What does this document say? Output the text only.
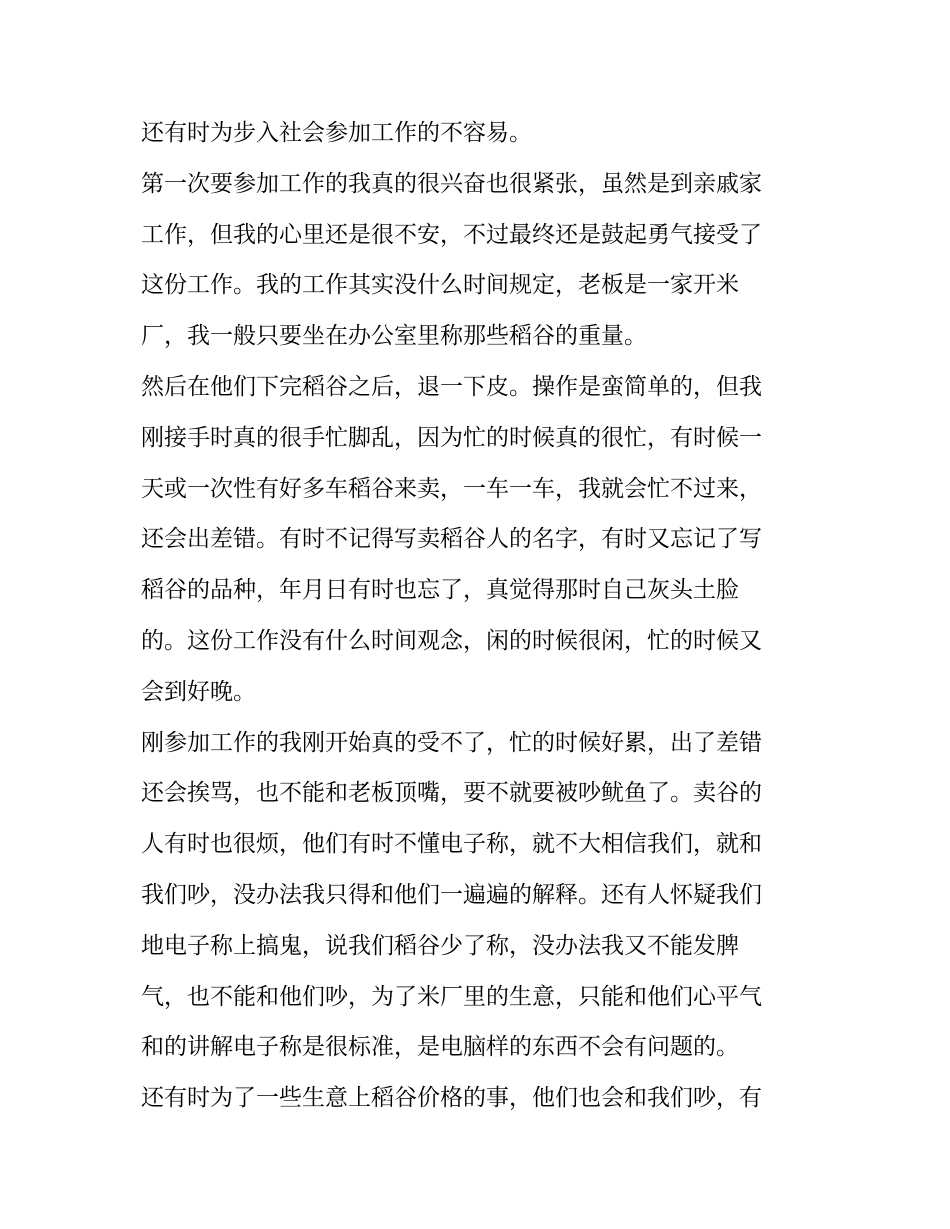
还有时为步入社会参加工作的不容易。
第一次要参加工作的我真的很兴奋也很紧张，虽然是到亲戚家
工作，但我的心里还是很不安，不过最终还是鼓起勇气接受了
这份工作。我的工作其实没什么时间规定，老板是一家开米
厂，我一般只要坐在办公室里称那些稻谷的重量。
然后在他们下完稻谷之后，退一下皮。操作是蛮简单的，但我
刚接手时真的很手忙脚乱，因为忙的时候真的很忙，有时候一
天或一次性有好多车稻谷来卖，一车一车，我就会忙不过来，
还会出差错。有时不记得写卖稻谷人的名字，有时又忘记了写
稻谷的品种，年月日有时也忘了，真觉得那时自己灰头土脸
的。这份工作没有什么时间观念，闲的时候很闲，忙的时候又
会到好晚。
刚参加工作的我刚开始真的受不了，忙的时候好累，出了差错
还会挨骂，也不能和老板顶嘴，要不就要被吵鱿鱼了。卖谷的
人有时也很烦，他们有时不懂电子称，就不大相信我们，就和
我们吵，没办法我只得和他们一遍遍的解释。还有人怀疑我们
地电子称上搞鬼，说我们稻谷少了称，没办法我又不能发脾
气，也不能和他们吵，为了米厂里的生意，只能和他们心平气
和的讲解电子称是很标准，是电脑样的东西不会有问题的。
还有时为了一些生意上稻谷价格的事，他们也会和我们吵，有
